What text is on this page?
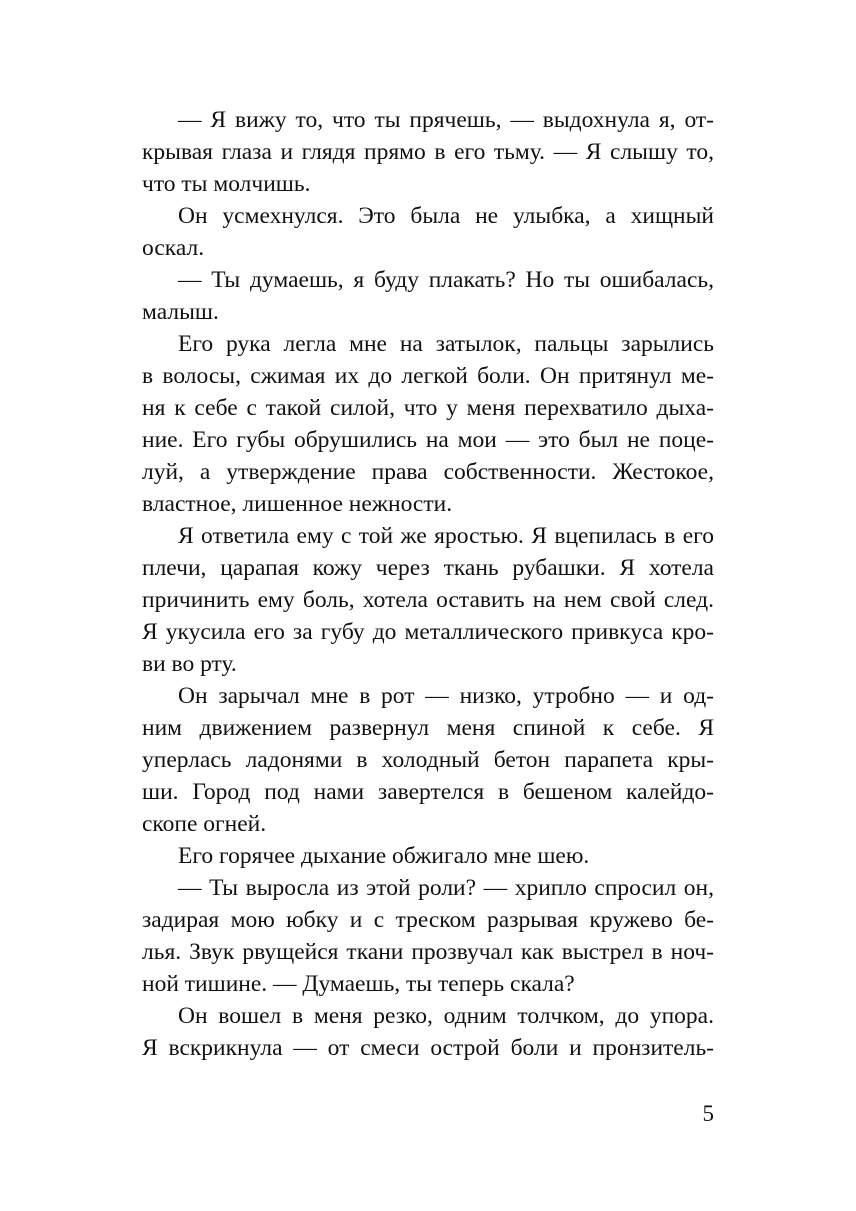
— Я вижу то, что ты прячешь, — выдохнула я, от-
крывая глаза и глядя прямо в его тьму. — Я слышу то,
что ты молчишь.
Он усмехнулся. Это была не улыбка, а хищный
оскал.
— Ты думаешь, я буду плакать? Но ты ошибалась,
малыш.
Его рука легла мне на затылок, пальцы зарылись
в волосы, сжимая их до легкой боли. Он притянул ме-
ня к себе с такой силой, что у меня перехватило дыха-
ние. Его губы обрушились на мои — это был не поце-
луй, а утверждение права собственности. Жестокое,
властное, лишенное нежности.
Я ответила ему с той же яростью. Я вцепилась в его
плечи, царапая кожу через ткань рубашки. Я хотела
причинить ему боль, хотела оставить на нем свой след.
Я укусила его за губу до металлического привкуса кро-
ви во рту.
Он зарычал мне в рот — низко, утробно — и од-
ним движением развернул меня спиной к себе. Я
уперлась ладонями в холодный бетон парапета кры-
ши. Город под нами завертелся в бешеном калейдо-
скопе огней.
Его горячее дыхание обжигало мне шею.
— Ты выросла из этой роли? — хрипло спросил он,
задирая мою юбку и с треском разрывая кружево бе-
лья. Звук рвущейся ткани прозвучал как выстрел в ноч-
ной тишине. — Думаешь, ты теперь скала?
Он вошел в меня резко, одним толчком, до упора.
Я вскрикнула — от смеси острой боли и пронзитель-
5
